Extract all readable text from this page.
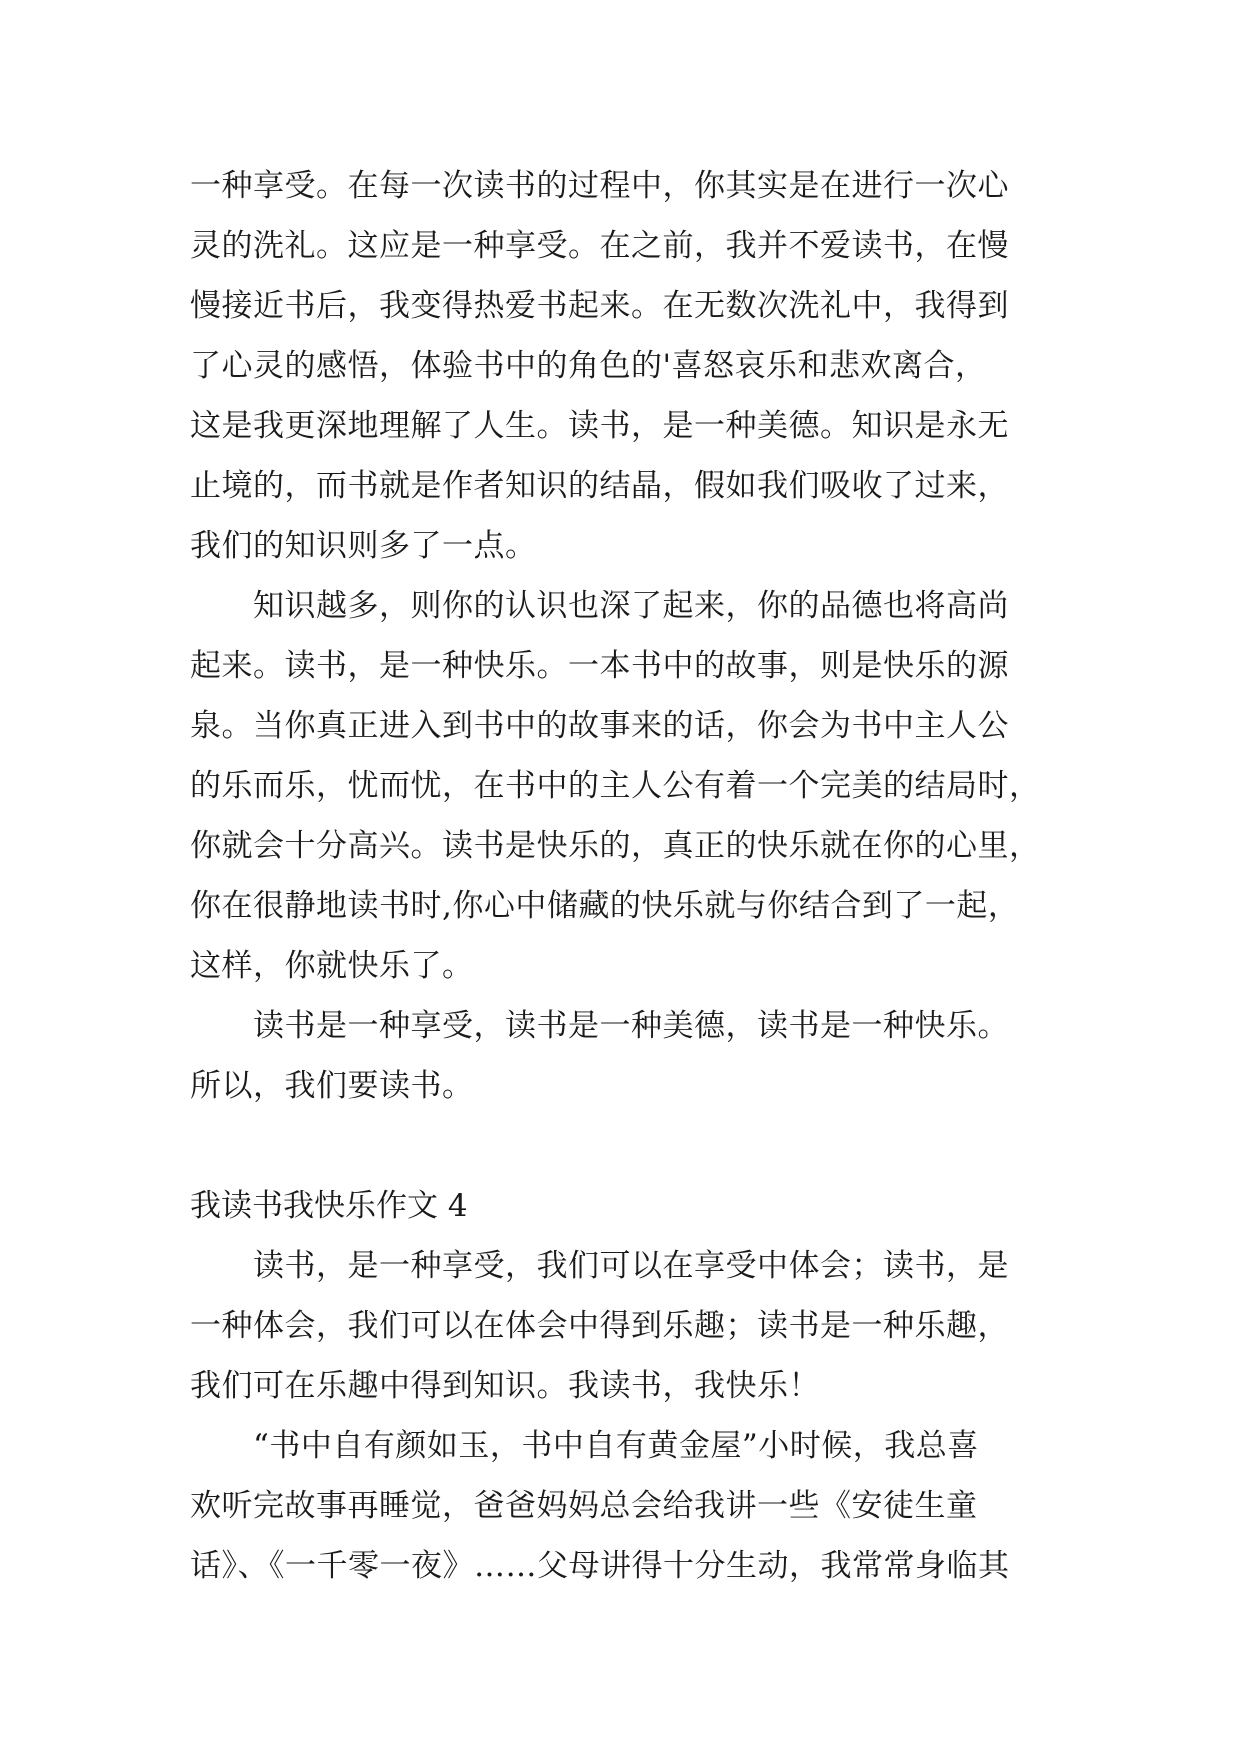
一种享受。在每一次读书的过程中，你其实是在进行一次心
灵的洗礼。这应是一种享受。在之前，我并不爱读书，在慢
慢接近书后，我变得热爱书起来。在无数次洗礼中，我得到
了心灵的感悟，体验书中的角色的'喜怒哀乐和悲欢离合，
这是我更深地理解了人生。读书，是一种美德。知识是永无
止境的，而书就是作者知识的结晶，假如我们吸收了过来，
我们的知识则多了一点。
知识越多，则你的认识也深了起来，你的品德也将高尚
起来。读书，是一种快乐。一本书中的故事，则是快乐的源
泉。当你真正进入到书中的故事来的话，你会为书中主人公
的乐而乐，忧而忧，在书中的主人公有着一个完美的结局时，
你就会十分高兴。读书是快乐的，真正的快乐就在你的心里，
你在很静地读书时,你心中储藏的快乐就与你结合到了一起，
这样，你就快乐了。
读书是一种享受，读书是一种美德，读书是一种快乐。
所以，我们要读书。
我读书我快乐作文 4
读书，是一种享受，我们可以在享受中体会；读书，是
一种体会，我们可以在体会中得到乐趣；读书是一种乐趣，
我们可在乐趣中得到知识。我读书，我快乐！
“书中自有颜如玉，书中自有黄金屋”小时候，我总喜
欢听完故事再睡觉，爸爸妈妈总会给我讲一些《安徒生童
话》、《一千零一夜》……父母讲得十分生动，我常常身临其
